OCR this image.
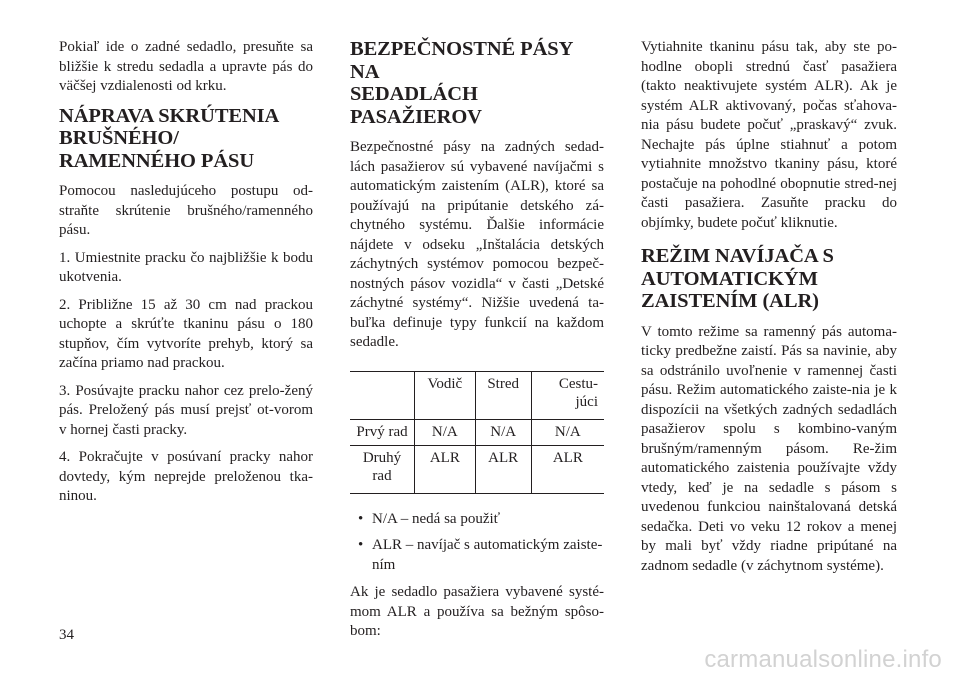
Pokiaľ ide o zadné sedadlo, presuňte sa bližšie k stredu sedadla a upravte pás do väčšej vzdialenosti od krku.

NÁPRAVA SKRÚTENIA
BRUŠNÉHO/
RAMENNÉHO PÁSU

Pomocou nasledujúceho postupu od-straňte skrútenie brušného/ramenného pásu.

1. Umiestnite pracku čo najbližšie k bodu ukotvenia.

2. Približne 15 až 30 cm nad prackou uchopte a skrúťte tkaninu pásu o 180 stupňov, čím vytvoríte prehyb, ktorý sa začína priamo nad prackou.

3. Posúvajte pracku nahor cez prelo-žený pás. Preložený pás musí prejsť ot-vorom v hornej časti pracky.

4. Pokračujte v posúvaní pracky nahor dovtedy, kým neprejde preloženou tka-ninou.

BEZPEČNOSTNÉ PÁSY NA
SEDADLÁCH
PASAŽIEROV

Bezpečnostné pásy na zadných sedad-lách pasažierov sú vybavené navíjačmi s automatickým zaistením (ALR), ktoré sa používajú na pripútanie detského zá-chytného systému. Ďalšie informácie nájdete v odseku „Inštalácia detských záchytných systémov pomocou bezpeč-nostných pásov vozidla“ v časti „Detské záchytné systémy“. Nižšie uvedená ta-buľka definuje typy funkcií na každom sedadle.

	Vodič	Stred	Cestu-
júci
Prvý rad	N/A	N/A	N/A
Druhý
rad	ALR	ALR	ALR
• N/A – nedá sa použiť
• ALR – navíjač s automatickým zaiste-ním

Ak je sedadlo pasažiera vybavené systé-mom ALR a používa sa bežným spôso-bom:

Vytiahnite tkaninu pásu tak, aby ste po-hodlne obopli strednú časť pasažiera (takto neaktivujete systém ALR). Ak je systém ALR aktivovaný, počas sťahova-nia pásu budete počuť „praskavý“ zvuk. Nechajte pás úplne stiahnuť a potom vytiahnite množstvo tkaniny pásu, ktoré postačuje na pohodlné obopnutie stred-nej časti pasažiera. Zasuňte pracku do objímky, budete počuť kliknutie.

REŽIM NAVÍJAČA S
AUTOMATICKÝM
ZAISTENÍM (ALR)

V tomto režime sa ramenný pás automa-ticky predbežne zaistí. Pás sa navinie, aby sa odstránilo uvoľnenie v ramennej časti pásu. Režim automatického zaiste-nia je k dispozícii na všetkých zadných sedadlách pasažierov spolu s kombino-vaným brušným/ramenným pásom. Re-žim automatického zaistenia používajte vždy vtedy, keď je na sedadle s pásom s uvedenou funkciou nainštalovaná detská sedačka. Deti vo veku 12 rokov a menej by mali byť vždy riadne pripútané na zadnom sedadle (v záchytnom systéme).

34
carmanualsonline.info
